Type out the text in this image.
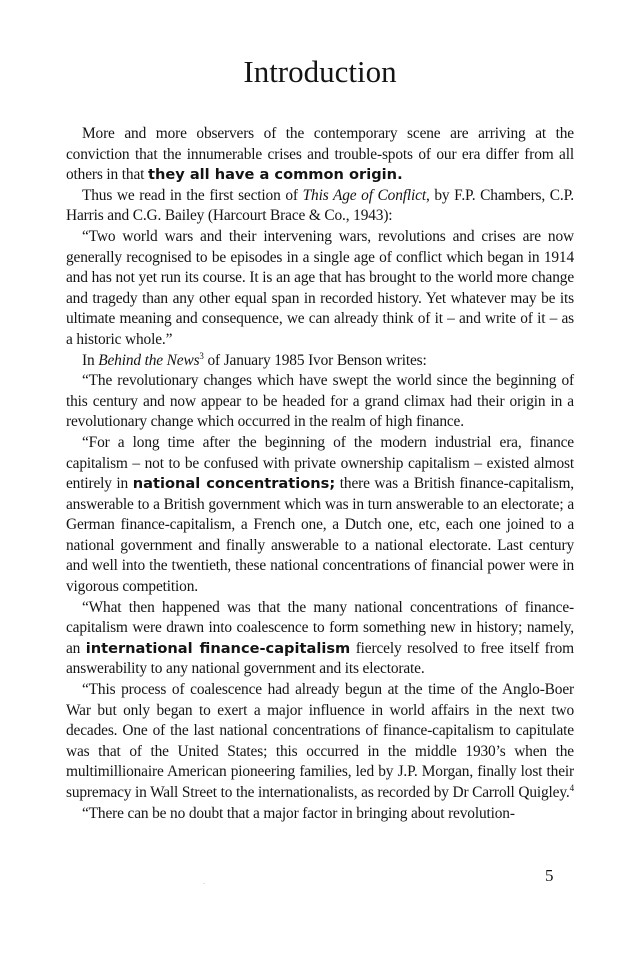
Introduction

More and more observers of the contemporary scene are arriving at the conviction that the innumerable crises and trouble-spots of our era differ from all others in that they all have a common origin.

Thus we read in the first section of This Age of Conflict, by F.P. Chambers, C.P. Harris and C.G. Bailey (Harcourt Brace & Co., 1943):

“Two world wars and their intervening wars, revolutions and crises are now generally recognised to be episodes in a single age of conflict which began in 1914 and has not yet run its course. It is an age that has brought to the world more change and tragedy than any other equal span in recorded history. Yet whatever may be its ultimate meaning and consequence, we can already think of it – and write of it – as a historic whole.”

In Behind the News$^3$ of January 1985 Ivor Benson writes:

“The revolutionary changes which have swept the world since the beginning of this century and now appear to be headed for a grand climax had their origin in a revolutionary change which occurred in the realm of high finance.

“For a long time after the beginning of the modern industrial era, finance capitalism – not to be confused with private ownership capitalism – existed almost entirely in national concentrations; there was a British finance-capitalism, answerable to a British government which was in turn answerable to an electorate; a German finance-capitalism, a French one, a Dutch one, etc, each one joined to a national government and finally answerable to a national electorate. Last century and well into the twentieth, these national concentrations of financial power were in vigorous competition.

“What then happened was that the many national concentrations of finance-capitalism were drawn into coalescence to form something new in history; namely, an international finance-capitalism fiercely resolved to free itself from answerability to any national government and its electorate.

“This process of coalescence had already begun at the time of the Anglo-Boer War but only began to exert a major influence in world affairs in the next two decades. One of the last national concentrations of finance-capitalism to capitulate was that of the United States; this occurred in the middle 1930’s when the multimillionaire American pioneering families, led by J.P. Morgan, finally lost their supremacy in Wall Street to the internationalists, as recorded by Dr Carroll Quigley.$^4$

“There can be no doubt that a major factor in bringing about revolution-

.	5
